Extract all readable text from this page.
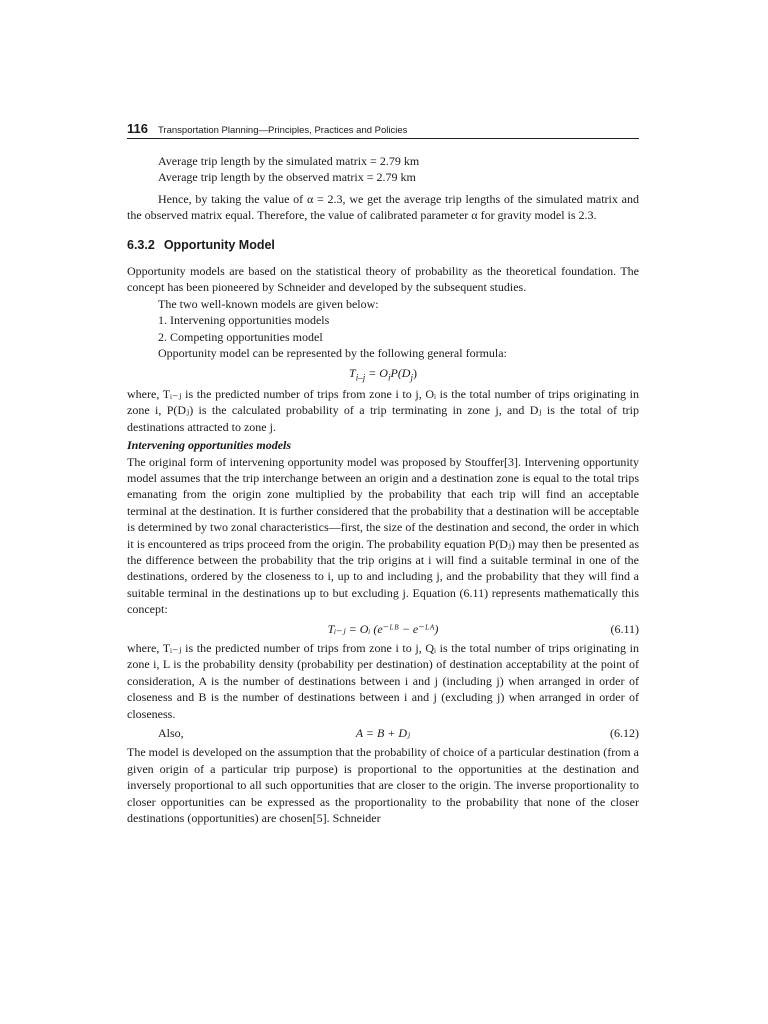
116 Transportation Planning—Principles, Practices and Policies

Average trip length by the simulated matrix = 2.79 km

Average trip length by the observed matrix = 2.79 km

Hence, by taking the value of α = 2.3, we get the average trip lengths of the simulated matrix and the observed matrix equal. Therefore, the value of calibrated parameter α for gravity model is 2.3.

6.3.2 Opportunity Model

Opportunity models are based on the statistical theory of probability as the theoretical foundation. The concept has been pioneered by Schneider and developed by the subsequent studies.

The two well-known models are given below:

1. Intervening opportunities models

2. Competing opportunities model

Opportunity model can be represented by the following general formula:

$T_{i-j} = O_iP(D_j)$

where, Tᵢ₋ⱼ is the predicted number of trips from zone i to j, Oᵢ is the total number of trips originating in zone i, P(Dⱼ) is the calculated probability of a trip terminating in zone j, and Dⱼ is the total of trip destinations attracted to zone j.

Intervening opportunities models

The original form of intervening opportunity model was proposed by Stouffer[3]. Intervening opportunity model assumes that the trip interchange between an origin and a destination zone is equal to the total trips emanating from the origin zone multiplied by the probability that each trip will find an acceptable terminal at the destination. It is further considered that the probability that a destination will be acceptable is determined by two zonal characteristics—first, the size of the destination and second, the order in which it is encountered as trips proceed from the origin. The probability equation P(Dⱼ) may then be presented as the difference between the probability that the trip origins at i will find a suitable terminal in one of the destinations, ordered by the closeness to i, up to and including j, and the probability that they will find a suitable terminal in the destinations up to but excluding j. Equation (6.11) represents mathematically this concept:

Tᵢ₋ⱼ = Oᵢ (e⁻ᴸᴮ − e⁻ᴸᴬ)	(6.11)

where, Tᵢ₋ⱼ is the predicted number of trips from zone i to j, Qᵢ is the total number of trips originating in zone i, L is the probability density (probability per destination) of destination acceptability at the point of consideration, A is the number of destinations between i and j (including j) when arranged in order of closeness and B is the number of destinations between i and j (excluding j) when arranged in order of closeness.

Also,	A = B + Dⱼ	(6.12)

The model is developed on the assumption that the probability of choice of a particular destination (from a given origin of a particular trip purpose) is proportional to the opportunities at the destination and inversely proportional to all such opportunities that are closer to the origin. The inverse proportionality to closer opportunities can be expressed as the proportionality to the probability that none of the closer destinations (opportunities) are chosen[5]. Schneider
